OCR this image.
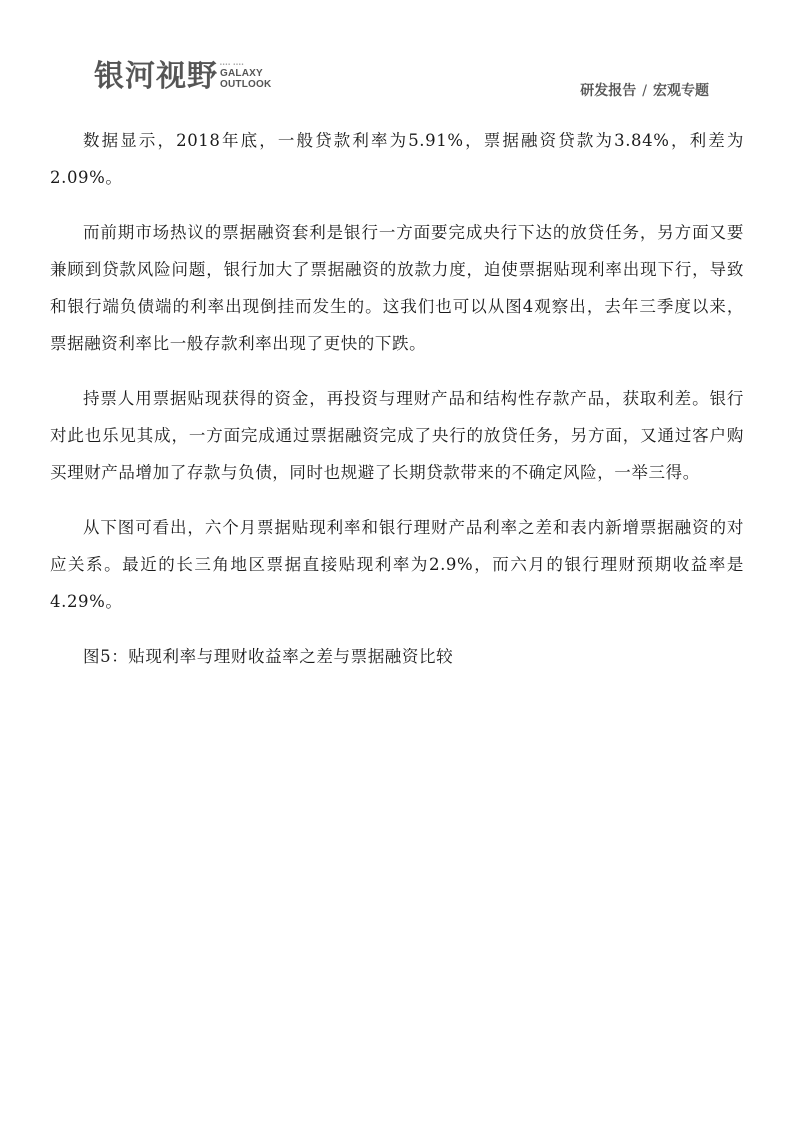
银河视野 •••• ••••
GALAXY
OUTLOOK	研发报告 / 宏观专题

数据显示，2018年底，一般贷款利率为5.91%，票据融资贷款为3.84%，利差为2.09%。

而前期市场热议的票据融资套利是银行一方面要完成央行下达的放贷任务，另方面又要兼顾到贷款风险问题，银行加大了票据融资的放款力度，迫使票据贴现利率出现下行，导致和银行端负债端的利率出现倒挂而发生的。这我们也可以从图4观察出，去年三季度以来，票据融资利率比一般存款利率出现了更快的下跌。

持票人用票据贴现获得的资金，再投资与理财产品和结构性存款产品，获取利差。银行对此也乐见其成，一方面完成通过票据融资完成了央行的放贷任务，另方面，又通过客户购买理财产品增加了存款与负债，同时也规避了长期贷款带来的不确定风险，一举三得。

从下图可看出，六个月票据贴现利率和银行理财产品利率之差和表内新增票据融资的对应关系。最近的长三角地区票据直接贴现利率为2.9%，而六月的银行理财预期收益率是4.29%。

图5：贴现利率与理财收益率之差与票据融资比较
